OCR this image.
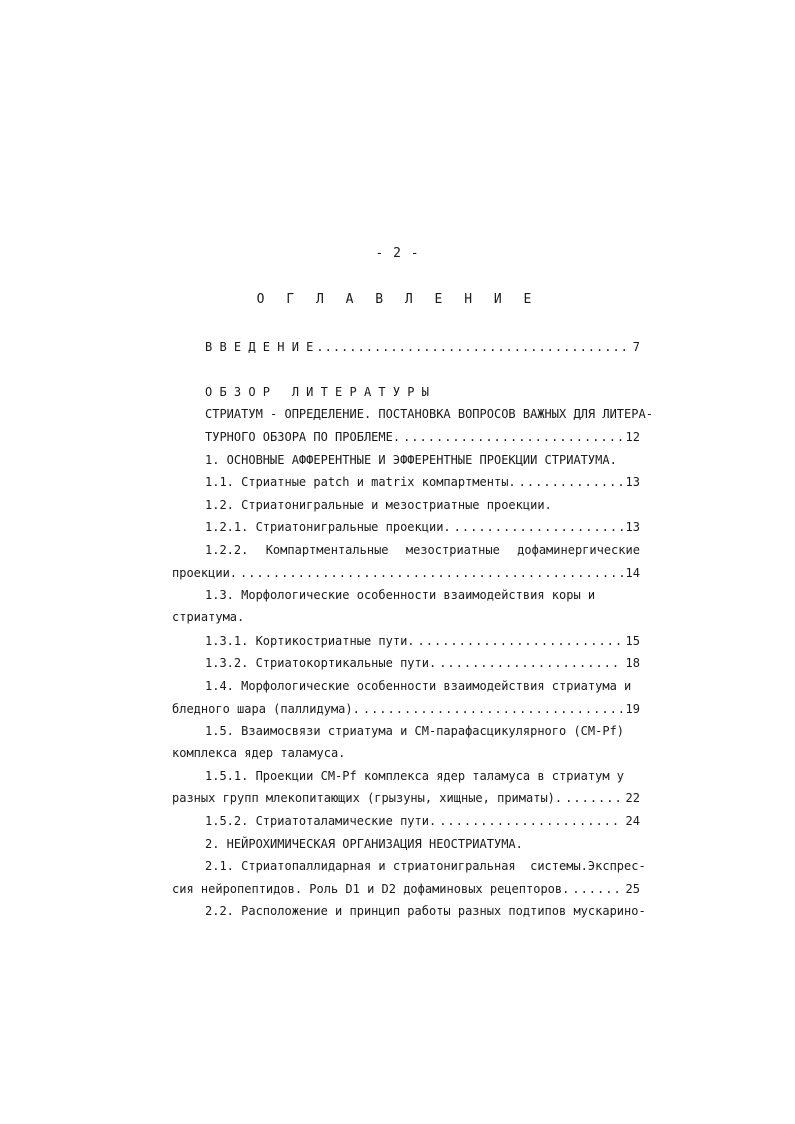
- 2 -
О Г Л А В Л Е Н И Е
В В Е Д Е Н И Е .....	7
О Б З О Р   Л И Т Е Р А Т У Р Ы
СТРИАТУМ - ОПРЕДЕЛЕНИЕ. ПОСТАНОВКА ВОПРОСОВ ВАЖНЫХ ДЛЯ ЛИТЕРА-
ТУРНОГО ОБЗОРА ПО ПРОБЛЕМЕ. .....	12
1. ОСНОВНЫЕ АФФЕРЕНТНЫЕ И ЭФФЕРЕНТНЫЕ ПРОЕКЦИИ СТРИАТУМА.
1.1. Стриатные patch и matrix компартменты. .....	13
1.2. Стриатонигральные и мезостриатные проекции.
1.2.1. Стриатонигральные проекции. .....	13
1.2.2. Компартментальные мезостриатные дофаминергические
проекции. .....	14
1.3. Морфологические особенности взаимодействия коры и
стриатума.
1.3.1. Кортикостриатные пути. .....	15
1.3.2. Стриатокортикальные пути. .....	18
1.4. Морфологические особенности взаимодействия стриатума и
бледного шара (паллидума). .....	19
1.5. Взаимосвязи стриатума и СМ-парафасцикулярного (СМ-Pf)
комплекса ядер таламуса.
1.5.1. Проекции СМ-Pf комплекса ядер таламуса в стриатум у
разных групп млекопитающих (грызуны, хищные, приматы). .....	22
1.5.2. Стриатоталамические пути. .....	24
2. НЕЙРОХИМИЧЕСКАЯ ОРГАНИЗАЦИЯ НЕОСТРИАТУМА.
2.1. Стриатопаллидарная и стриатонигральная  системы.Экспрес-
сия нейропептидов. Роль D1 и D2 дофаминовых рецепторов. .....	25
2.2. Расположение и принцип работы разных подтипов мускарино-
